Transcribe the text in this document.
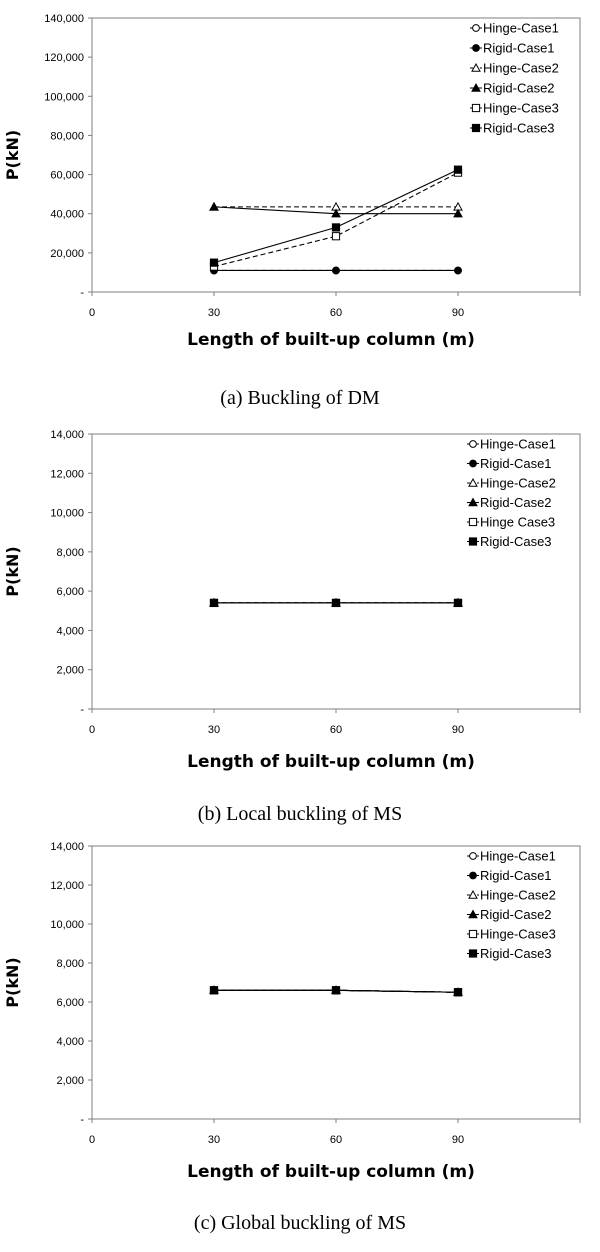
-
20,000
40,000
60,000
80,000
100,000
120,000
140,000
0	30	60	90
P(kN)
Length of built-up column (m)
Hinge-Case1
Rigid-Case1
Hinge-Case2
Rigid-Case2
Hinge-Case3
Rigid-Case3
(a) Buckling of DM
-
2,000
4,000
6,000
8,000
10,000
12,000
14,000
0	30	60	90
P(kN)
Length of built-up column (m)
Hinge-Case1
Rigid-Case1
Hinge-Case2
Rigid-Case2
Hinge Case3
Rigid-Case3
(b) Local buckling of MS
-
2,000
4,000
6,000
8,000
10,000
12,000
14,000
0	30	60	90
P(kN)
Length of built-up column (m)
Hinge-Case1
Rigid-Case1
Hinge-Case2
Rigid-Case2
Hinge-Case3
Rigid-Case3
(c) Global buckling of MS
